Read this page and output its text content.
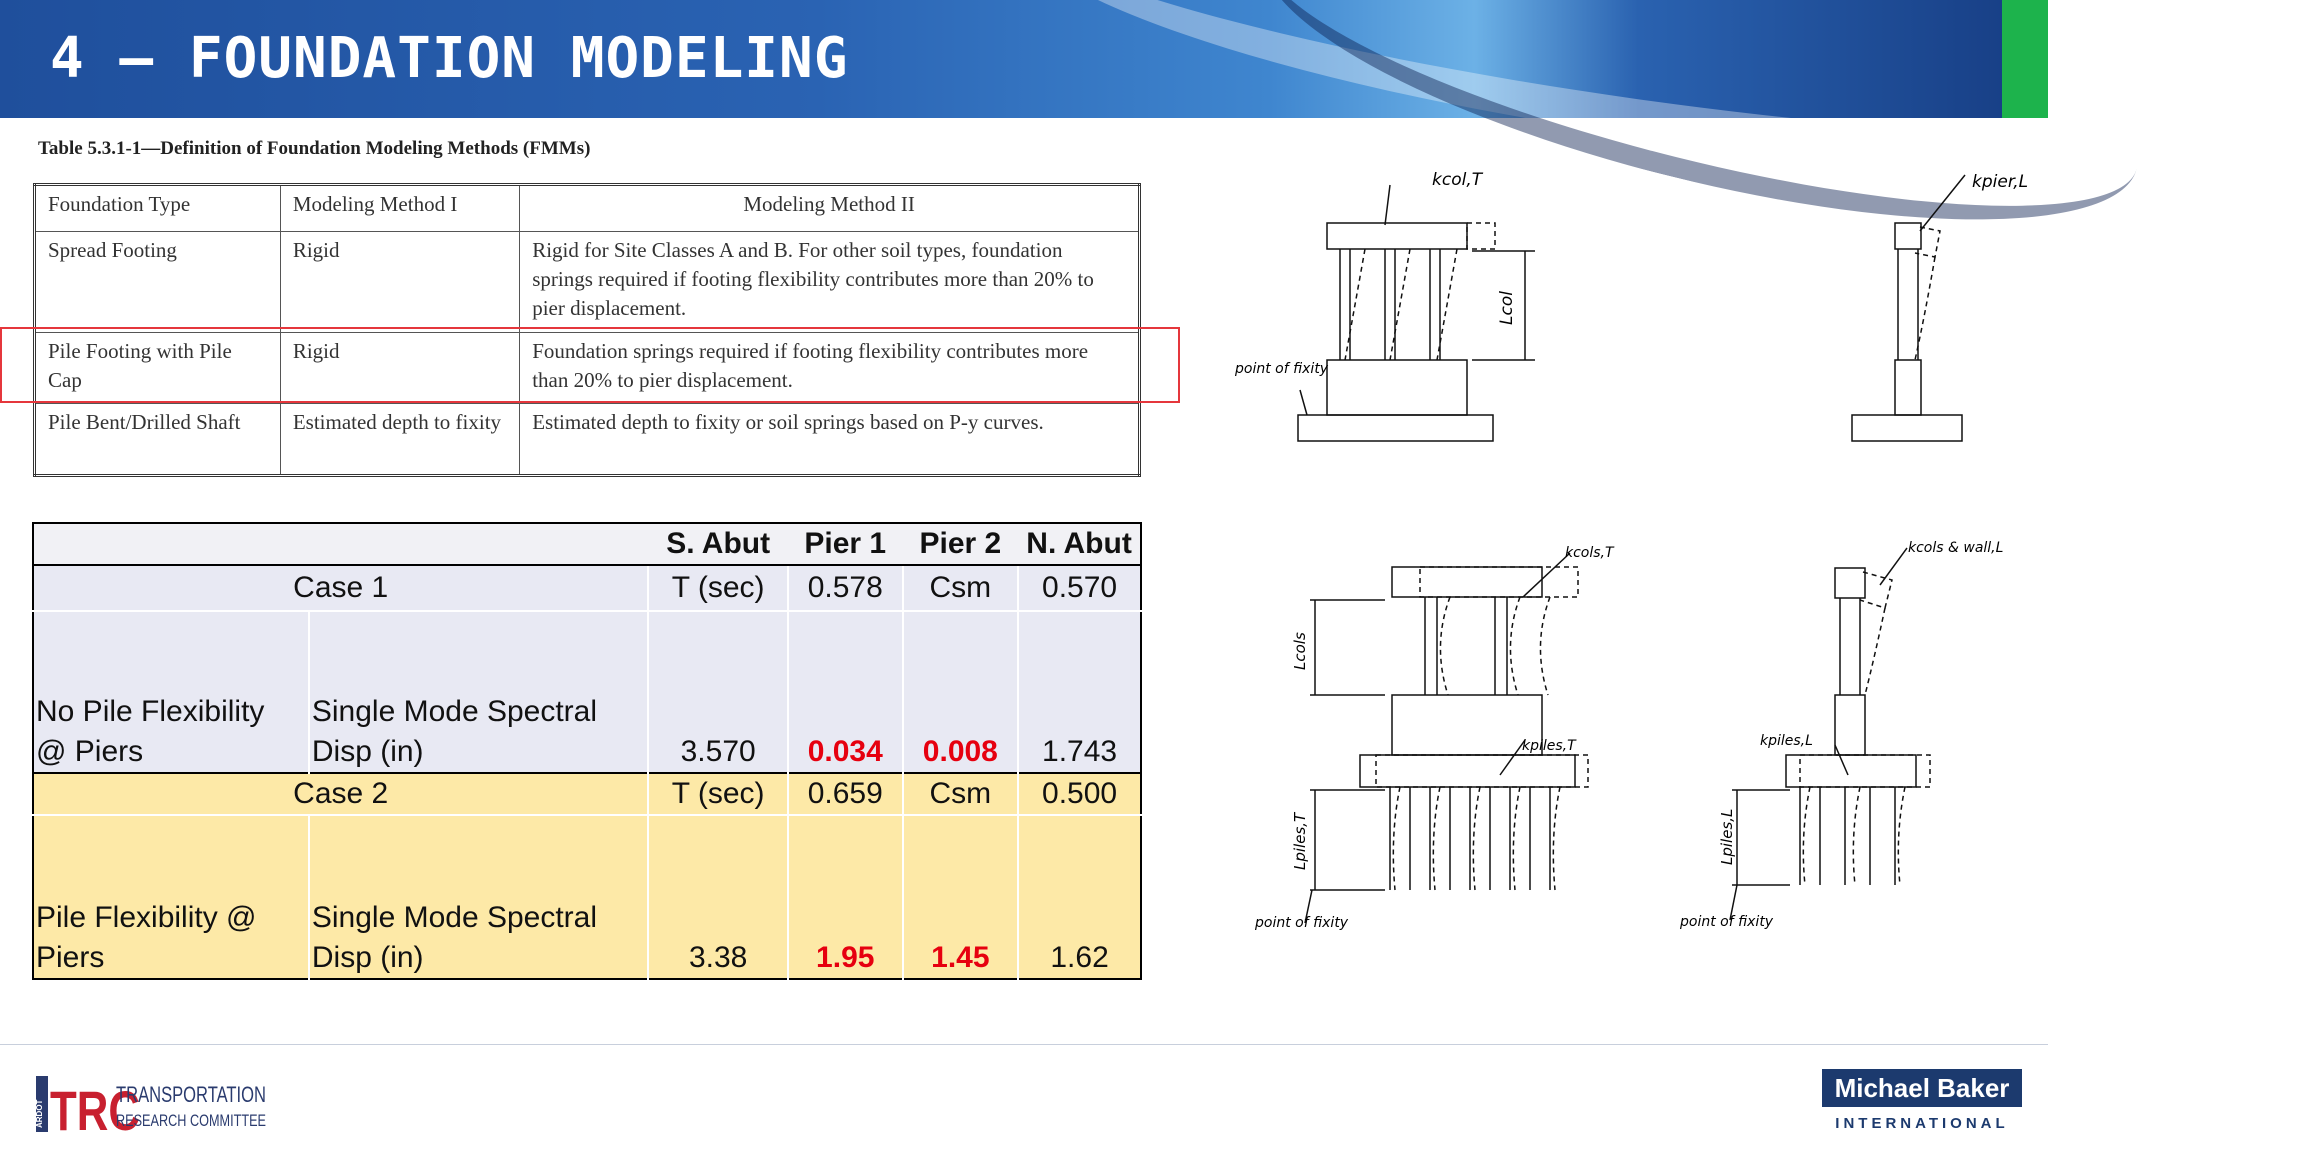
4 – FOUNDATION MODELING
Table 5.3.1-1—Definition of Foundation Modeling Methods (FMMs)
Foundation Type	Modeling Method I	Modeling Method II
Spread Footing	Rigid	Rigid for Site Classes A and B. For other soil types, foundation springs required if footing flexibility contributes more than 20% to pier displacement.
Pile Footing with Pile Cap	Rigid	Foundation springs required if footing flexibility contributes more than 20% to pier displacement.
Pile Bent/Drilled Shaft	Estimated depth to fixity	Estimated depth to fixity or soil springs based on P-y curves.
		S. Abut	Pier 1	Pier 2	N. Abut
Case 1		T (sec)	0.578	Csm	0.570

No Pile Flexibility @ Piers	Single Mode Spectral Disp (in)	3.570	0.034	0.008	1.743
Case 2		T (sec)	0.659	Csm	0.500

Pile Flexibility @ Piers	Single Mode Spectral Disp (in)	3.38	1.95	1.45	1.62
kcol,T
Lcol
point of fixity
kpier,L
kcols,T
Lcols
kpiles,T
Lpiles,T
point of fixity
kcols & wall,L
kpiles,L
Lpiles,L
point of fixity
ARDOT TRC
TRANSPORTATION
RESEARCH COMMITTEE
Michael Baker
INTERNATIONAL
